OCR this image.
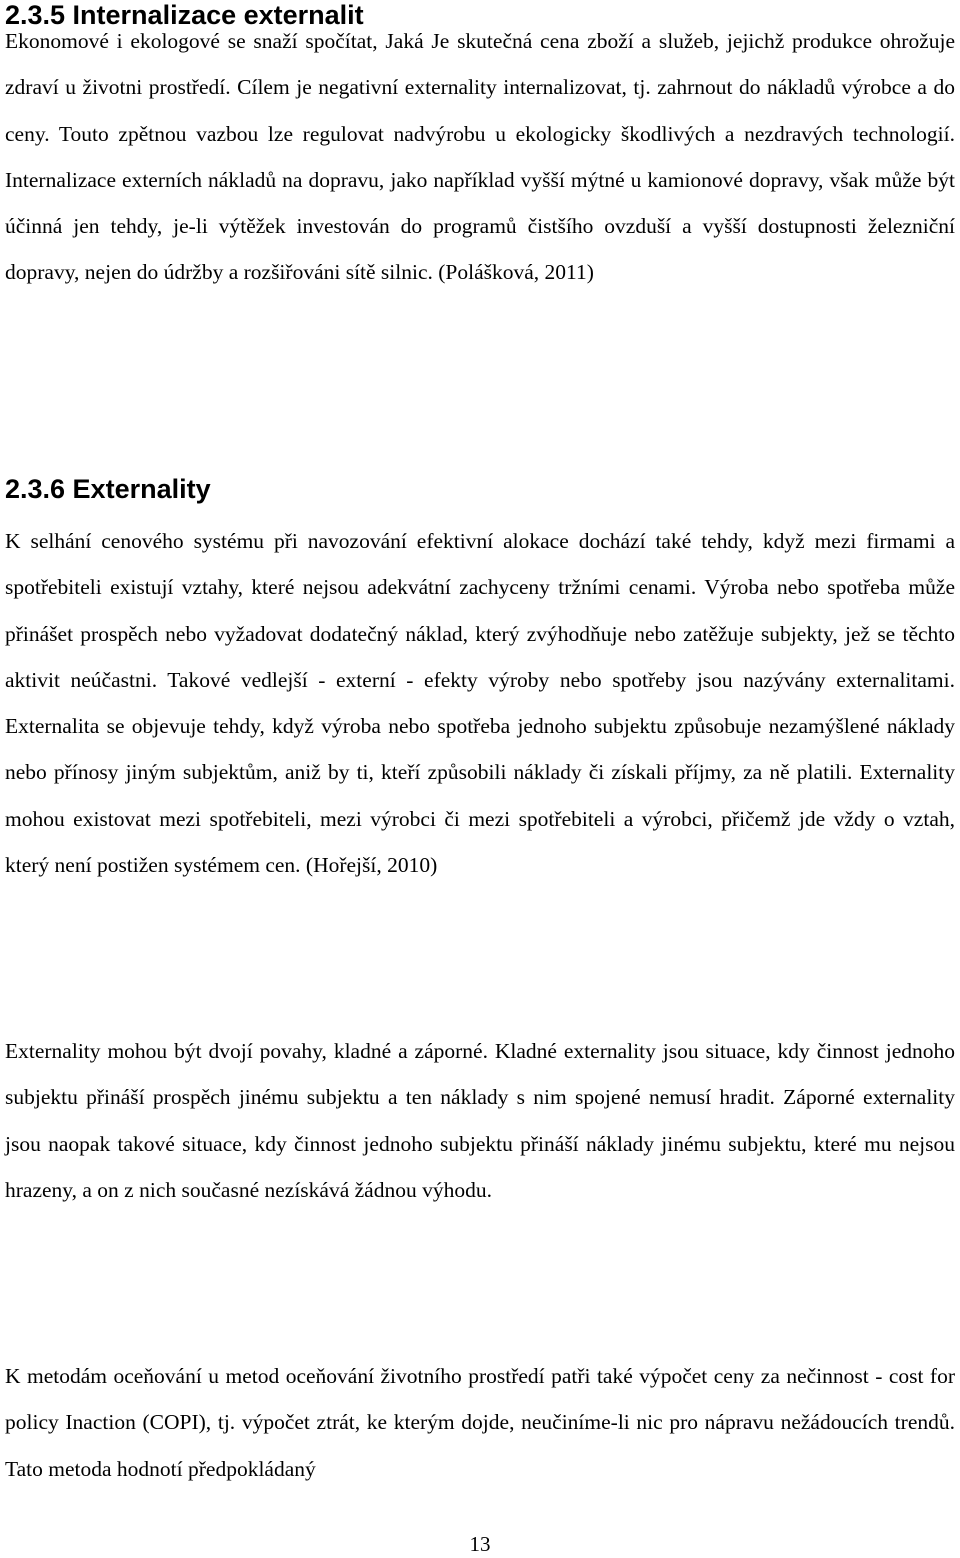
2.3.5 Internalizace externalit

Ekonomové i ekologové se snaží spočítat, Jaká Je skutečná cena zboží a služeb, jejichž produkce ohrožuje zdraví u životni prostředí. Cílem je negativní externality internalizovat, tj. zahrnout do nákladů výrobce a do ceny. Touto zpětnou vazbou lze regulovat nadvýrobu u ekologicky škodlivých a nezdravých technologií. Internalizace externích nákladů na dopravu, jako například vyšší mýtné u kamionové dopravy, však může být účinná jen tehdy, je-li výtěžek investován do programů čistšího ovzduší a vyšší dostupnosti železniční dopravy, nejen do údržby a rozšiřováni sítě silnic. (Polášková, 2011)

2.3.6 Externality

K selhání cenového systému při navozování efektivní alokace dochází také tehdy, když mezi firmami a spotřebiteli existují vztahy, které nejsou adekvátní zachyceny tržními cenami. Výroba nebo spotřeba může přinášet prospěch nebo vyžadovat dodatečný náklad, který zvýhodňuje nebo zatěžuje subjekty, jež se těchto aktivit neúčastni. Takové vedlejší - externí - efekty výroby nebo spotřeby jsou nazývány externalitami. Externalita se objevuje tehdy, když výroba nebo spotřeba jednoho subjektu způsobuje nezamýšlené náklady nebo přínosy jiným subjektům, aniž by ti, kteří způsobili náklady či získali příjmy, za ně platili. Externality mohou existovat mezi spotřebiteli, mezi výrobci či mezi spotřebiteli a výrobci, přičemž jde vždy o vztah, který není postižen systémem cen. (Hořejší, 2010)

Externality mohou být dvojí povahy, kladné a záporné. Kladné externality jsou situace, kdy činnost jednoho subjektu přináší prospěch jinému subjektu a ten náklady s nim spojené nemusí hradit. Záporné externality jsou naopak takové situace, kdy činnost jednoho subjektu přináší náklady jinému subjektu, které mu nejsou hrazeny, a on z nich současné nezískává žádnou výhodu.

K metodám oceňování u metod oceňování životního prostředí patři také výpočet ceny za nečinnost - cost for policy Inaction (COPI), tj. výpočet ztrát, ke kterým dojde, neučiníme-li nic pro nápravu nežádoucích trendů. Tato metoda hodnotí předpokládaný

13
